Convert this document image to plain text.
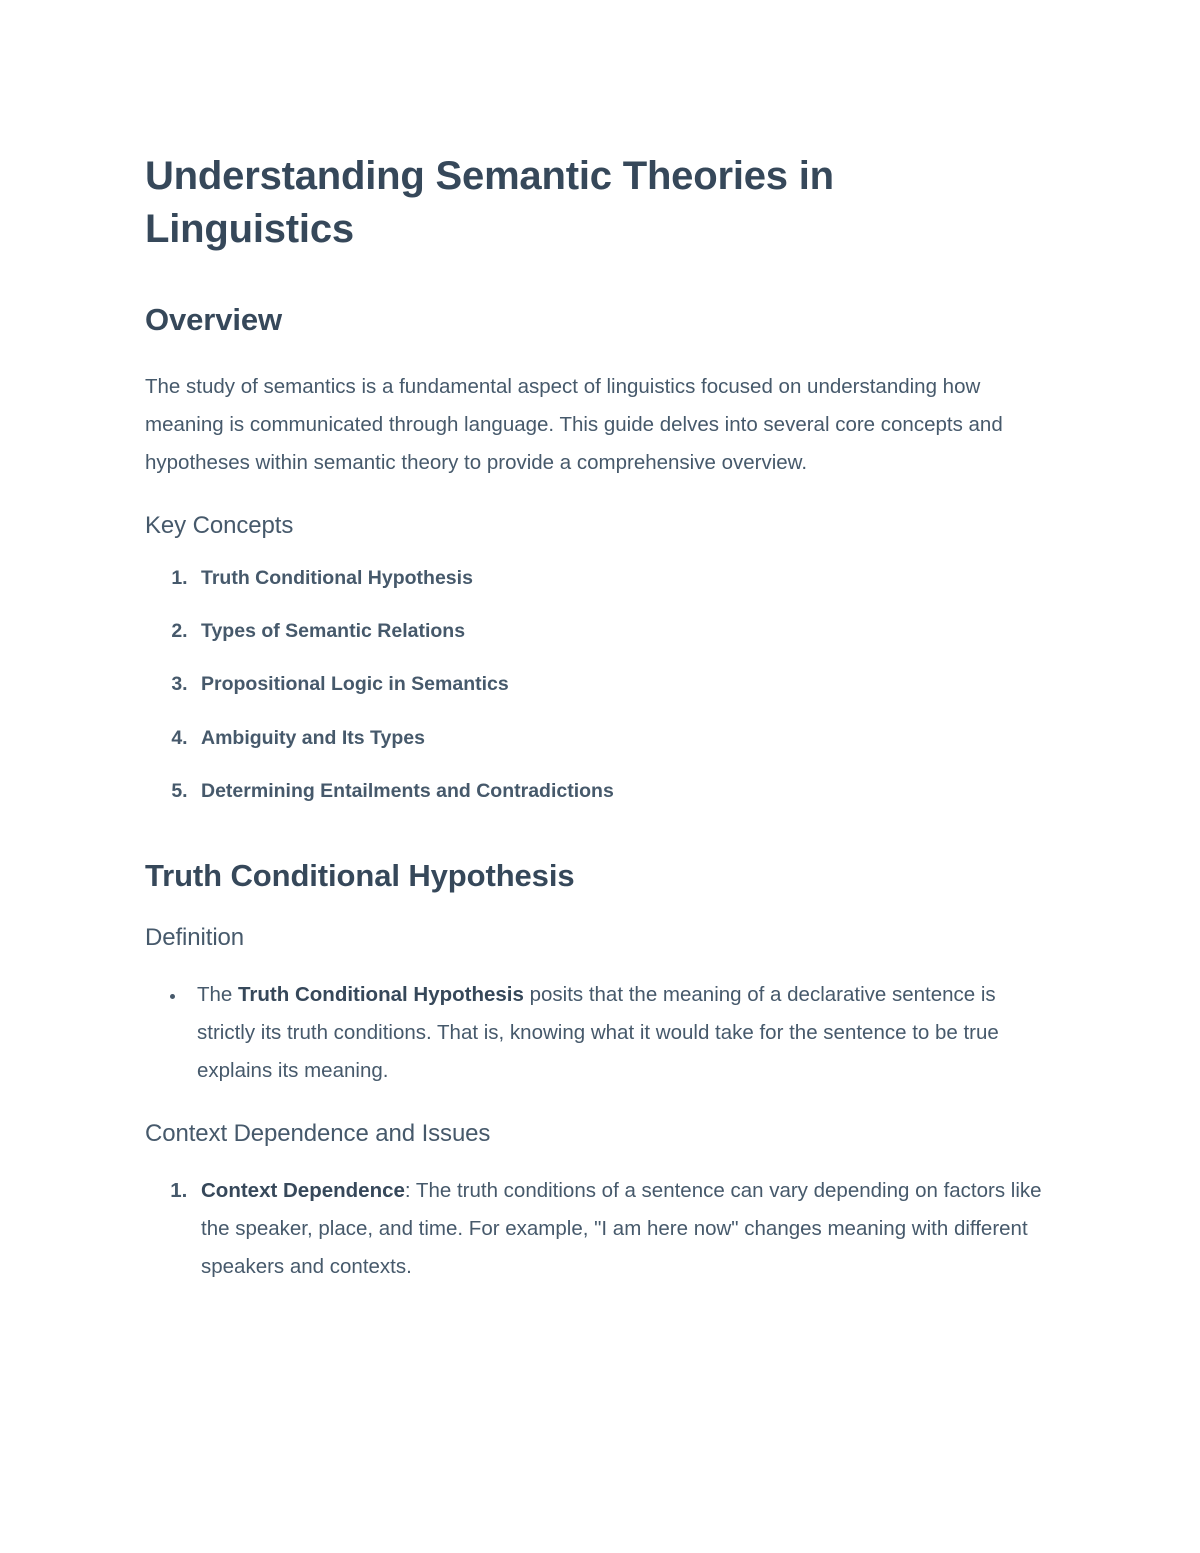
Understanding Semantic Theories in Linguistics
Overview

The study of semantics is a fundamental aspect of linguistics focused on understanding how meaning is communicated through language. This guide delves into several core concepts and hypotheses within semantic theory to provide a comprehensive overview.

Key Concepts
1. Truth Conditional Hypothesis
2. Types of Semantic Relations
3. Propositional Logic in Semantics
4. Ambiguity and Its Types
5. Determining Entailments and Contradictions
Truth Conditional Hypothesis
Definition
• The Truth Conditional Hypothesis posits that the meaning of a declarative sentence is strictly its truth conditions. That is, knowing what it would take for the sentence to be true explains its meaning.
Context Dependence and Issues
1. Context Dependence: The truth conditions of a sentence can vary depending on factors like the speaker, place, and time. For example, "I am here now" changes meaning with different speakers and contexts.
